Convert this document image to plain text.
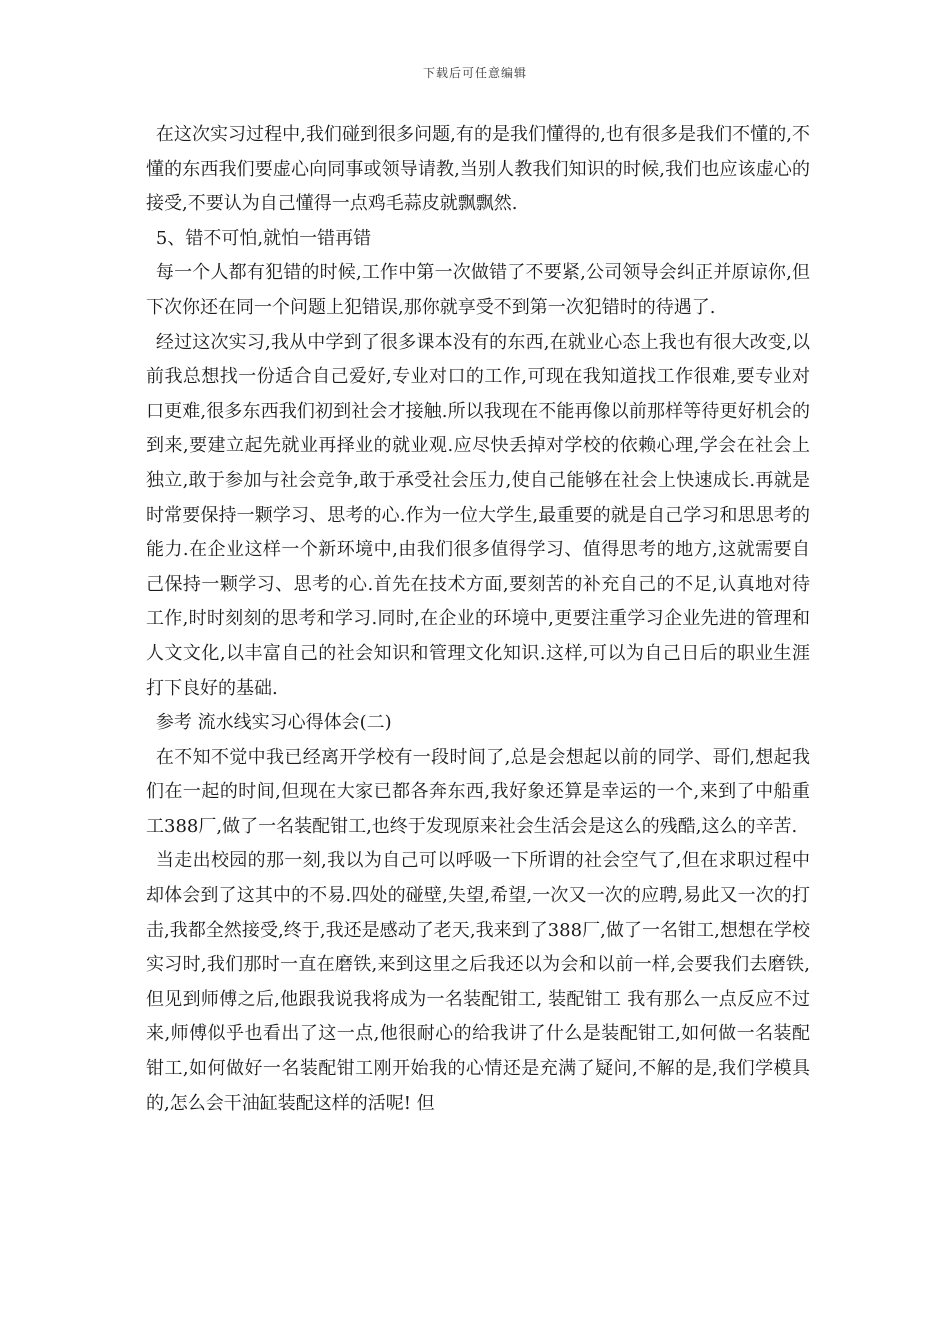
下载后可任意编辑

在这次实习过程中,我们碰到很多问题,有的是我们懂得的,也有很多是我们不懂的,不懂的东西我们要虚心向同事或领导请教,当别人教我们知识的时候,我们也应该虚心的接受,不要认为自己懂得一点鸡毛蒜皮就飘飘然.

5、错不可怕,就怕一错再错

每一个人都有犯错的时候,工作中第一次做错了不要紧,公司领导会纠正并原谅你,但下次你还在同一个问题上犯错误,那你就享受不到第一次犯错时的待遇了.

经过这次实习,我从中学到了很多课本没有的东西,在就业心态上我也有很大改变,以前我总想找一份适合自己爱好,专业对口的工作,可现在我知道找工作很难,要专业对口更难,很多东西我们初到社会才接触.所以我现在不能再像以前那样等待更好机会的到来,要建立起先就业再择业的就业观.应尽快丢掉对学校的依赖心理,学会在社会上独立,敢于参加与社会竞争,敢于承受社会压力,使自己能够在社会上快速成长.再就是时常要保持一颗学习、思考的心.作为一位大学生,最重要的就是自己学习和思思考的能力.在企业这样一个新环境中,由我们很多值得学习、值得思考的地方,这就需要自己保持一颗学习、思考的心.首先在技术方面,要刻苦的补充自己的不足,认真地对待工作,时时刻刻的思考和学习.同时,在企业的环境中,更要注重学习企业先进的管理和人文文化,以丰富自己的社会知识和管理文化知识.这样,可以为自己日后的职业生涯打下良好的基础.

参考 流水线实习心得体会(二)

在不知不觉中我已经离开学校有一段时间了,总是会想起以前的同学、哥们,想起我们在一起的时间,但现在大家已都各奔东西,我好象还算是幸运的一个,来到了中船重工388厂,做了一名装配钳工,也终于发现原来社会生活会是这么的残酷,这么的辛苦.

当走出校园的那一刻,我以为自己可以呼吸一下所谓的社会空气了,但在求职过程中却体会到了这其中的不易.四处的碰壁,失望,希望,一次又一次的应聘,易此又一次的打击,我都全然接受,终于,我还是感动了老天,我来到了388厂,做了一名钳工,想想在学校实习时,我们那时一直在磨铁,来到这里之后我还以为会和以前一样,会要我们去磨铁,但见到师傅之后,他跟我说我将成为一名装配钳工, 装配钳工 我有那么一点反应不过来,师傅似乎也看出了这一点,他很耐心的给我讲了什么是装配钳工,如何做一名装配钳工,如何做好一名装配钳工刚开始我的心情还是充满了疑问,不解的是,我们学模具的,怎么会干油缸装配这样的活呢! 但
